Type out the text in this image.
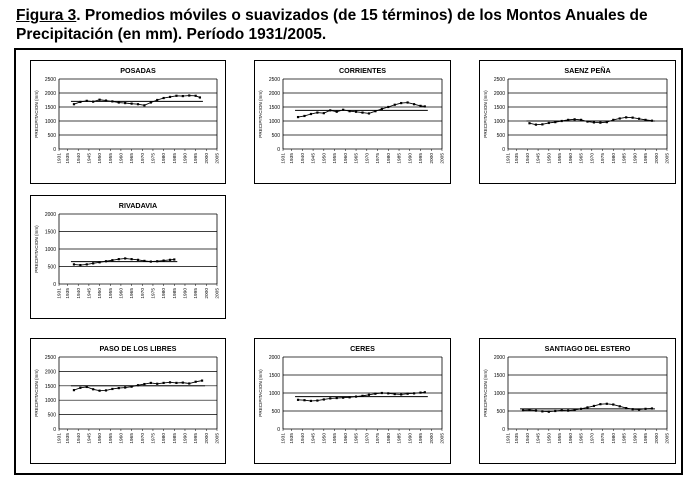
Figura 3. Promedios móviles o suavizados (de 15 términos) de los Montos Anuales de Precipitación (en mm). Período 1931/2005.
POSADAS
0
500
1000
1500
2000
2500
1931 1935 1940 1945 1950 1955 1960 1965 1970 1975 1980 1985 1990 1995 2000 2005
PRECIPITACION (mm)
CORRIENTES
0
500
1000
1500
2000
2500
1931 1935 1940 1945 1950 1955 1960 1965 1970 1975 1980 1985 1990 1995 2000 2005
PRECIPITACION (mm)
SAENZ PEÑA
0
500
1000
1500
2000
2500
1931 1935 1940 1945 1950 1955 1960 1965 1970 1975 1980 1985 1990 1995 2000 2005
PRECIPITACION (mm)
RIVADAVIA
0
500
1000
1500
2000
1931 1935 1940 1945 1950 1955 1960 1965 1970 1975 1980 1985 1990 1995 2000 2005
PRECIPITACION (mm)
PASO DE LOS LIBRES
0
500
1000
1500
2000
2500
1931 1935 1940 1945 1950 1955 1960 1965 1970 1975 1980 1985 1990 1995 2000 2005
PRECIPITACION (mm)
CERES
0
500
1000
1500
2000
1931 1935 1940 1945 1950 1955 1960 1965 1970 1975 1980 1985 1990 1995 2000 2005
PRECIPITACION (mm)
SANTIAGO DEL ESTERO
0
500
1000
1500
2000
1931 1935 1940 1945 1950 1955 1960 1965 1970 1975 1980 1985 1990 1995 2000 2005
PRECIPITACION (mm)
